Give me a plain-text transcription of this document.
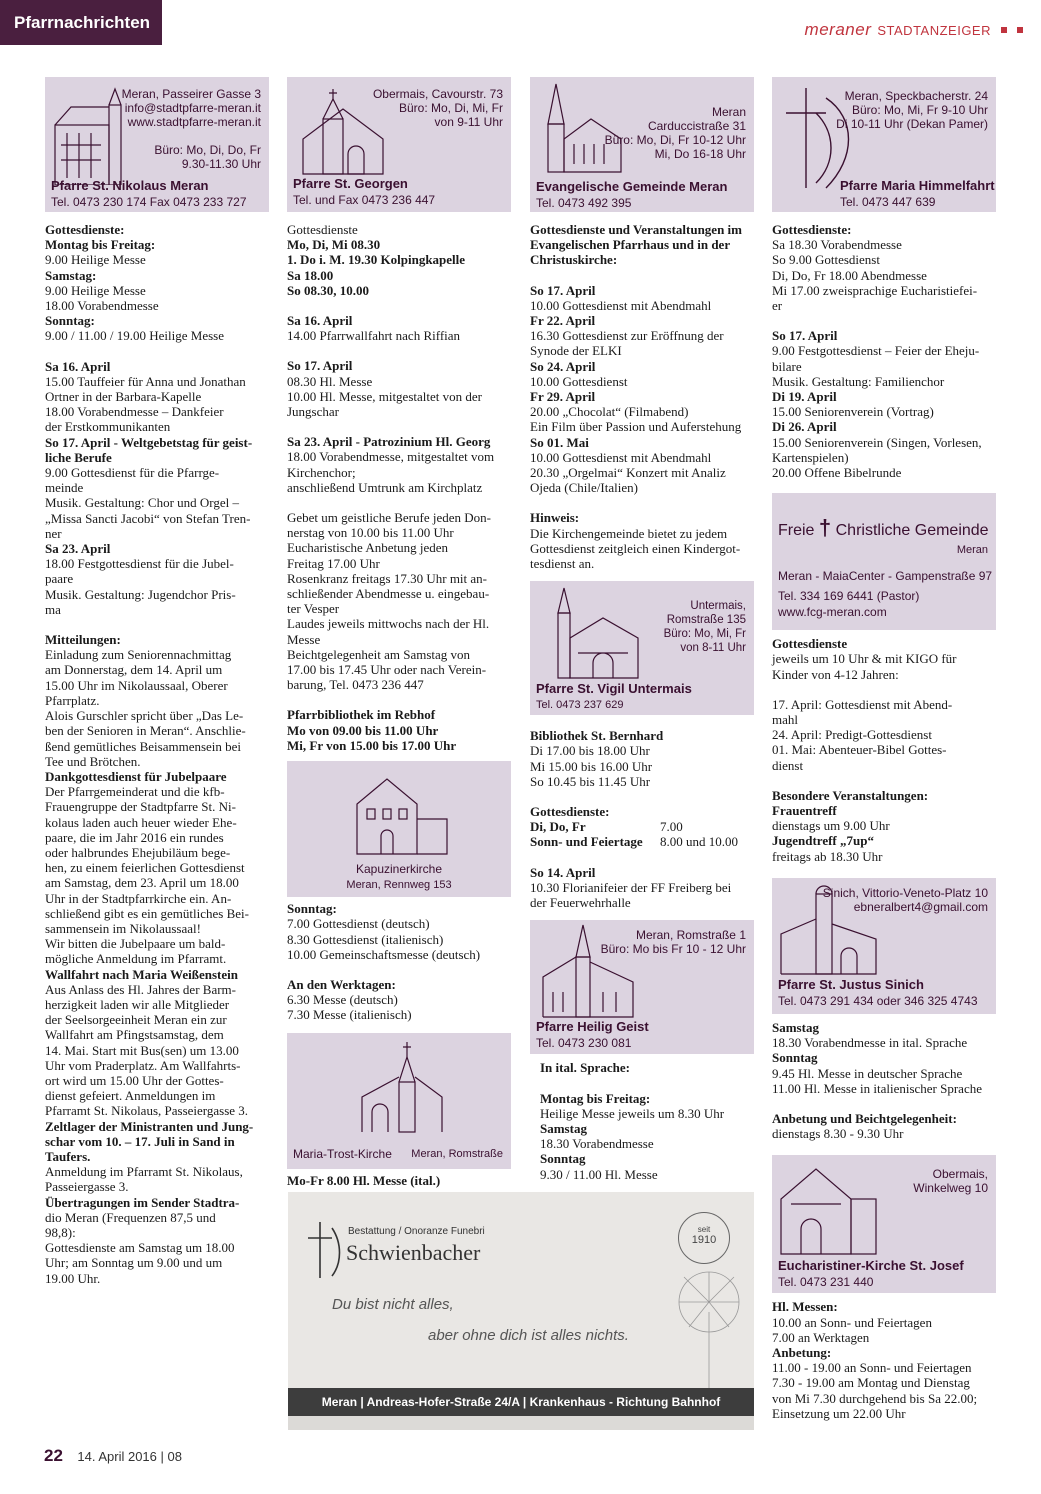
Pfarrnachrichten	meraner STADTANZEIGER
Meran, Passeirer Gasse 3
info@stadtpfarre-meran.it
www.stadtpfarre-meran.it
Büro: Mo, Di, Do, Fr
9.30-11.30 Uhr
Pfarre St. Nikolaus Meran
Tel. 0473 230 174 Fax 0473 233 727

Gottesdienste:

Montag bis Freitag:

9.00 Heilige Messe

Samstag:

9.00 Heilige Messe

18.00 Vorabendmesse

Sonntag:

9.00 / 11.00 / 19.00 Heilige Messe

Sa 16. April

15.00 Tauffeier für Anna und Jonathan

Ortner in der Barbara-Kapelle

18.00 Vorabendmesse – Dankfeier

der Erstkommunikanten

So 17. April - Weltgebetstag für geist-

liche Berufe

9.00 Gottesdienst für die Pfarrge-

meinde

Musik. Gestaltung: Chor und Orgel –

„Missa Sancti Jacobi“ von Stefan Tren-

ner

Sa 23. April

18.00 Festgottesdienst für die Jubel-

paare

Musik. Gestaltung: Jugendchor Pris-

ma

Mitteilungen:

Einladung zum Seniorennachmittag

am Donnerstag, dem 14. April um

15.00 Uhr im Nikolaussaal, Oberer

Pfarrplatz.

Alois Gurschler spricht über „Das Le-

ben der Senioren in Meran“. Anschlie-

ßend gemütliches Beisammensein bei

Tee und Brötchen.

Dankgottesdienst für Jubelpaare

Der Pfarrgemeinderat und die kfb-

Frauengruppe der Stadtpfarre St. Ni-

kolaus laden auch heuer wieder Ehe-

paare, die im Jahr 2016 ein rundes

oder halbrundes Ehejubiläum bege-

hen, zu einem feierlichen Gottesdienst

am Samstag, dem 23. April um 18.00

Uhr in der Stadtpfarrkirche ein. An-

schließend gibt es ein gemütliches Bei-

sammensein im Nikolaussaal!

Wir bitten die Jubelpaare um bald-

mögliche Anmeldung im Pfarramt.

Wallfahrt nach Maria Weißenstein

Aus Anlass des Hl. Jahres der Barm-

herzigkeit laden wir alle Mitglieder

der Seelsorgeeinheit Meran ein zur

Wallfahrt am Pfingstsamstag, dem

14. Mai. Start mit Bus(sen) um 13.00

Uhr vom Praderplatz. Am Wallfahrts-

ort wird um 15.00 Uhr der Gottes-

dienst gefeiert. Anmeldungen im

Pfarramt St. Nikolaus, Passeiergasse 3.

Zeltlager der Ministranten und Jung-

schar vom 10. – 17. Juli in Sand in

Taufers.

Anmeldung im Pfarramt St. Nikolaus,

Passeiergasse 3.

Übertragungen im Sender Stadtra-

dio Meran (Frequenzen 87,5 und

98,8):

Gottesdienste am Samstag um 18.00

Uhr; am Sonntag um 9.00 und um

19.00 Uhr.

Obermais, Cavourstr. 73
Büro: Mo, Di, Mi, Fr
von 9-11 Uhr
Pfarre St. Georgen
Tel. und Fax 0473 236 447

Gottesdienste

Mo, Di, Mi 08.30

1. Do i. M. 19.30 Kolpingkapelle

Sa 18.00

So 08.30, 10.00

Sa 16. April

14.00 Pfarrwallfahrt nach Riffian

So 17. April

08.30 Hl. Messe

10.00 Hl. Messe, mitgestaltet von der

Jungschar

Sa 23. April - Patrozinium Hl. Georg

18.00 Vorabendmesse, mitgestaltet vom

Kirchenchor;

anschließend Umtrunk am Kirchplatz

Gebet um geistliche Berufe jeden Don-

nerstag von 10.00 bis 11.00 Uhr

Eucharistische Anbetung jeden

Freitag 17.00 Uhr

Rosenkranz freitags 17.30 Uhr mit an-

schließender Abendmesse u. eingebau-

ter Vesper

Laudes jeweils mittwochs nach der Hl.

Messe

Beichtgelegenheit am Samstag von

17.00 bis 17.45 Uhr oder nach Verein-

barung, Tel. 0473 236 447

Pfarrbibliothek im Rebhof

Mo von 09.00 bis 11.00 Uhr

Mi, Fr von 15.00 bis 17.00 Uhr

Kapuzinerkirche
Meran, Rennweg 153

Sonntag:

7.00 Gottesdienst (deutsch)

8.30 Gottesdienst (italienisch)

10.00 Gemeinschaftsmesse (deutsch)

An den Werktagen:

6.30 Messe (deutsch)

7.30 Messe (italienisch)

Maria-Trost-Kirche Meran, Romstraße

Mo-Fr 8.00 Hl. Messe (ital.)

Meran
Carduccistraße 31
Büro: Mo, Di, Fr 10-12 Uhr
Mi, Do 16-18 Uhr
Evangelische Gemeinde Meran
Tel. 0473 492 395

Gottesdienste und Veranstaltungen im

Evangelischen Pfarrhaus und in der

Christuskirche:

So 17. April

10.00 Gottesdienst mit Abendmahl

Fr 22. April

16.30 Gottesdienst zur Eröffnung der

Synode der ELKI

So 24. April

10.00 Gottesdienst

Fr 29. April

20.00 „Chocolat“ (Filmabend)

Ein Film über Passion und Auferstehung

So 01. Mai

10.00 Gottesdienst mit Abendmahl

20.30 „Orgelmai“ Konzert mit Analiz

Ojeda (Chile/Italien)

Hinweis:

Die Kirchengemeinde bietet zu jedem

Gottesdienst zeitgleich einen Kindergot-

tesdienst an.

Untermais,
Romstraße 135
Büro: Mo, Mi, Fr
von 8-11 Uhr
Pfarre St. Vigil Untermais
Tel. 0473 237 629

Bibliothek St. Bernhard

Di 17.00 bis 18.00 Uhr

Mi 15.00 bis 16.00 Uhr

So 10.45 bis 11.45 Uhr

Gottesdienste:

Di, Do, Fr	7.00

Sonn- und Feiertage 8.00 und 10.00

So 14. April

10.30 Florianifeier der FF Freiberg bei

der Feuerwehrhalle

Meran, Romstraße 1
Büro: Mo bis Fr 10 - 12 Uhr
Pfarre Heilig Geist
Tel. 0473 230 081

In ital. Sprache:

Montag bis Freitag:

Heilige Messe jeweils um 8.30 Uhr

Samstag

18.30 Vorabendmesse

Sonntag

9.30 / 11.00 Hl. Messe

Meran, Speckbacherstr. 24
Büro: Mo, Mi, Fr 9-10 Uhr
Di 10-11 Uhr (Dekan Pamer)
Pfarre Maria Himmelfahrt
Tel. 0473 447 639

Gottesdienste:

Sa 18.30 Vorabendmesse

So 9.00 Gottesdienst

Di, Do, Fr 18.00 Abendmesse

Mi 17.00 zweisprachige Eucharistiefei-

er

So 17. April

9.00 Festgottesdienst – Feier der Eheju-

bilare

Musik. Gestaltung: Familienchor

Di 19. April

15.00 Seniorenverein (Vortrag)

Di 26. April

15.00 Seniorenverein (Singen, Vorlesen,

Kartenspielen)

20.00 Offene Bibelrunde

Freie † Christliche Gemeinde
Meran
Meran - MaiaCenter - Gampenstraße 97
Tel. 334 169 6441 (Pastor)
www.fcg-meran.com

Gottesdienste

jeweils um 10 Uhr & mit KIGO für

Kinder von 4-12 Jahren:

17. April: Gottesdienst mit Abend-

mahl

24. April: Predigt-Gottesdienst

01. Mai: Abenteuer-Bibel Gottes-

dienst

Besondere Veranstaltungen:

Frauentreff

dienstags um 9.00 Uhr

Jugendtreff „7up“

freitags ab 18.30 Uhr

Sinich, Vittorio-Veneto-Platz 10
ebneralbert4@gmail.com
Pfarre St. Justus Sinich
Tel. 0473 291 434 oder 346 325 4743

Samstag

18.30 Vorabendmesse in ital. Sprache

Sonntag

9.45 Hl. Messe in deutscher Sprache

11.00 Hl. Messe in italienischer Sprache

Anbetung und Beichtgelegenheit:

dienstags 8.30 - 9.30 Uhr

Obermais,
Winkelweg 10
Eucharistiner-Kirche St. Josef
Tel. 0473 231 440

Hl. Messen:

10.00 an Sonn- und Feiertagen

7.00 an Werktagen

Anbetung:

11.00 - 19.00 an Sonn- und Feiertagen

7.30 - 19.00 am Montag und Dienstag

von Mi 7.30 durchgehend bis Sa 22.00;

Einsetzung um 22.00 Uhr

Bestattung / Onoranze Funebri
Schwienbacher
seit
1910
Du bist nicht alles,
aber ohne dich ist alles nichts.
Meran | Andreas-Hofer-Straße 24/A | Krankenhaus - Richtung Bahnhof
22 14. April 2016 | 08
